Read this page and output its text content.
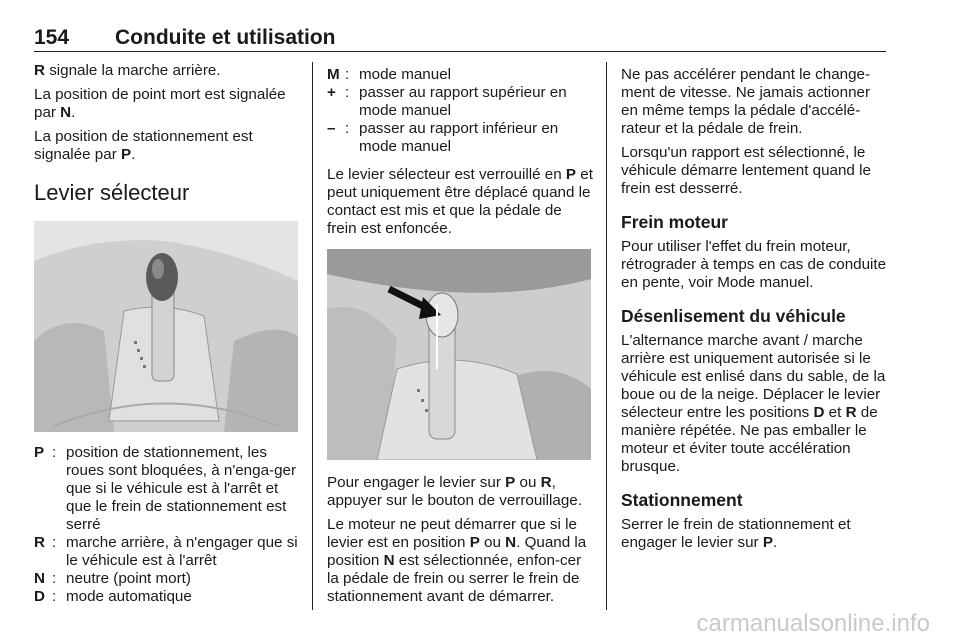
154 Conduite et utilisation

R signale la marche arrière.

La position de point mort est signalée par N.

La position de stationnement est signalée par P.

Levier sélecteur

P : position de stationnement, les roues sont bloquées, à n'enga-ger que si le véhicule est à l'arrêt et que le frein de stationnement est serré
R : marche arrière, à n'engager que si le véhicule est à l'arrêt
N : neutre (point mort)
D : mode automatique
M : mode manuel
+ : passer au rapport supérieur en mode manuel
– : passer au rapport inférieur en mode manuel

Le levier sélecteur est verrouillé en P et peut uniquement être déplacé quand le contact est mis et que la pédale de frein est enfoncée.

Pour engager le levier sur P ou R, appuyer sur le bouton de verrouillage.

Le moteur ne peut démarrer que si le levier est en position P ou N. Quand la position N est sélectionnée, enfon-cer la pédale de frein ou serrer le frein de stationnement avant de démarrer.

Ne pas accélérer pendant le change-ment de vitesse. Ne jamais actionner en même temps la pédale d'accélé-rateur et la pédale de frein.

Lorsqu'un rapport est sélectionné, le véhicule démarre lentement quand le frein est desserré.

Frein moteur

Pour utiliser l'effet du frein moteur, rétrograder à temps en cas de conduite en pente, voir Mode manuel.

Désenlisement du véhicule

L'alternance marche avant / marche arrière est uniquement autorisée si le véhicule est enlisé dans du sable, de la boue ou de la neige. Déplacer le levier sélecteur entre les positions D et R de manière répétée. Ne pas emballer le moteur et éviter toute accélération brusque.

Stationnement

Serrer le frein de stationnement et engager le levier sur P.

carmanualsonline.info
